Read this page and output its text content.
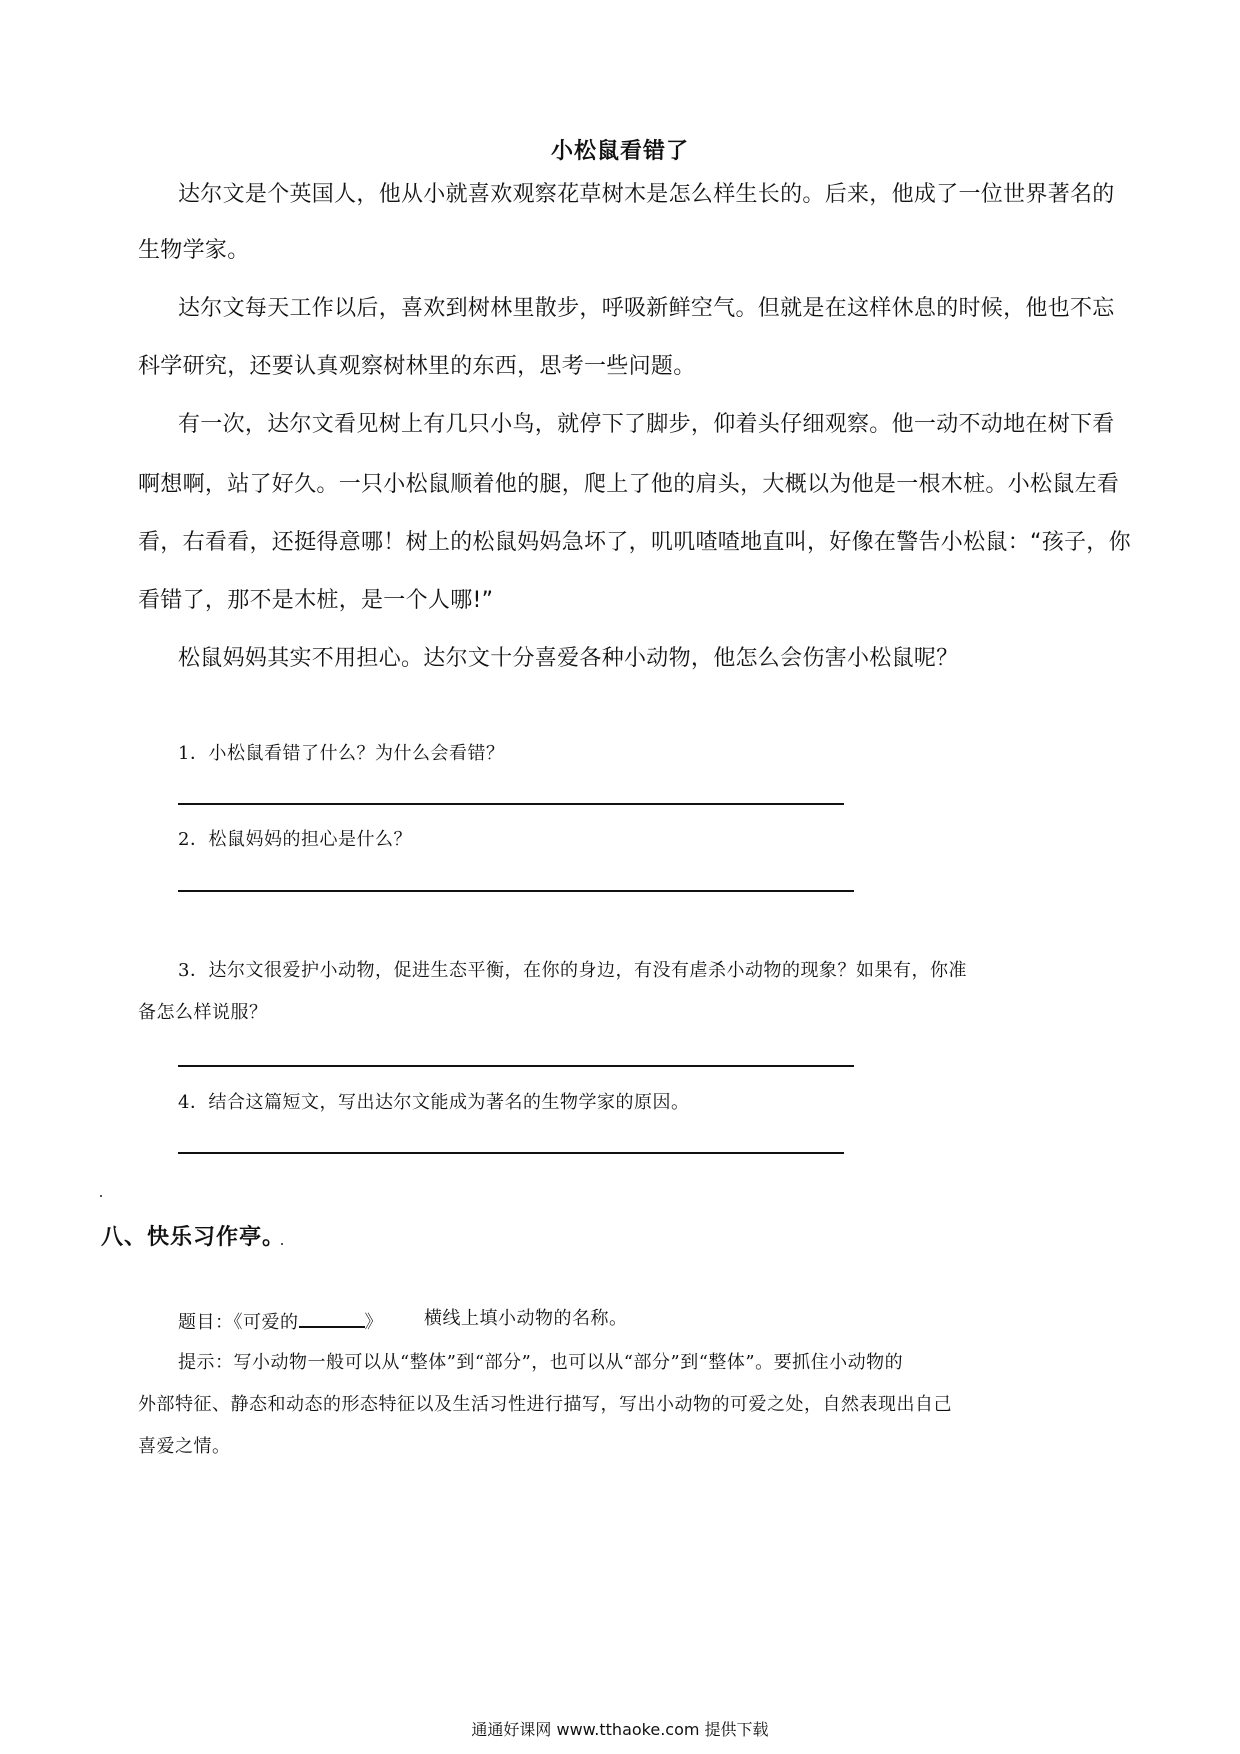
小松鼠看错了
达尔文是个英国人，他从小就喜欢观察花草树木是怎么样生长的。后来，他成了一位世界著名的
生物学家。
达尔文每天工作以后，喜欢到树林里散步，呼吸新鲜空气。但就是在这样休息的时候，他也不忘
科学研究，还要认真观察树林里的东西，思考一些问题。
有一次，达尔文看见树上有几只小鸟，就停下了脚步，仰着头仔细观察。他一动不动地在树下看
啊想啊，站了好久。一只小松鼠顺着他的腿，爬上了他的肩头，大概以为他是一根木桩。小松鼠左看
看，右看看，还挺得意哪！树上的松鼠妈妈急坏了，叽叽喳喳地直叫，好像在警告小松鼠：“孩子，你
看错了，那不是木桩，是一个人哪!”
松鼠妈妈其实不用担心。达尔文十分喜爱各种小动物，他怎么会伤害小松鼠呢？
1．小松鼠看错了什么？为什么会看错？
2．松鼠妈妈的担心是什么？
3．达尔文很爱护小动物，促进生态平衡，在你的身边，有没有虐杀小动物的现象？如果有，你准
备怎么样说服？
4．结合这篇短文，写出达尔文能成为著名的生物学家的原因。
八、快乐习作亭。
题目：《可爱的	》 横线上填小动物的名称。
提示：写小动物一般可以从“整体”到“部分”，也可以从“部分”到“整体”。要抓住小动物的
外部特征、静态和动态的形态特征以及生活习性进行描写，写出小动物的可爱之处，自然表现出自己
喜爱之情。
通通好课网 www.tthaoke.com 提供下载
